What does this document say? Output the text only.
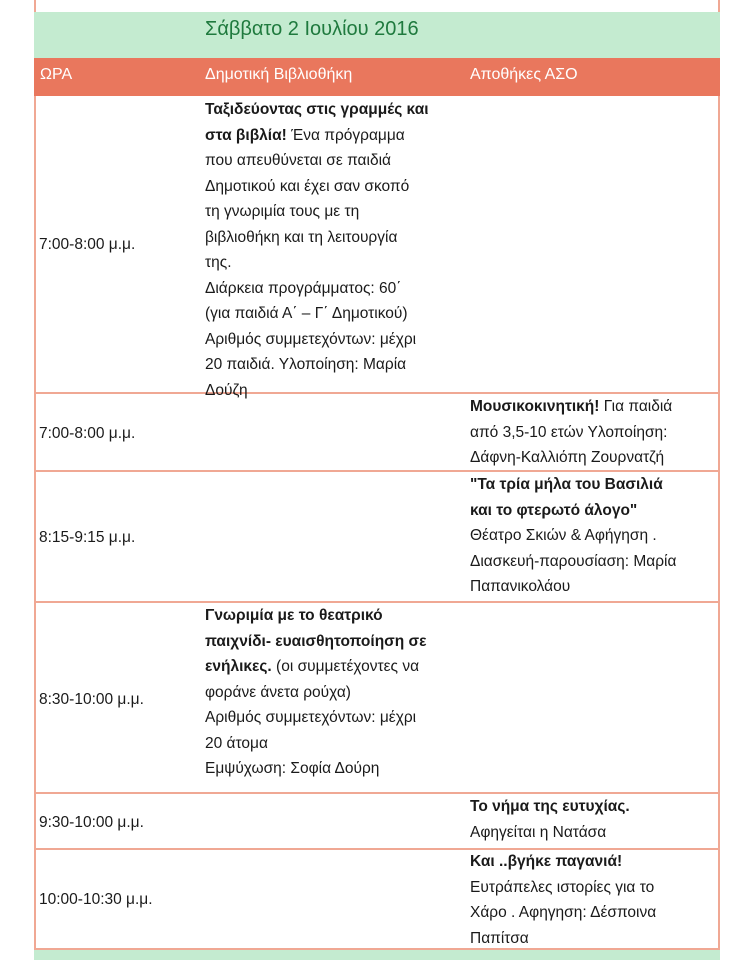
Σάββατο 2 Ιουλίου 2016
ΩΡΑ	Δημοτική Βιβλιοθήκη	Αποθήκες ΑΣΟ
7:00-8:00 μ.μ.
Ταξιδεύοντας στις γραμμές και
στα βιβλία! Ένα πρόγραμμα
που απευθύνεται σε παιδιά
Δημοτικού και έχει σαν σκοπό
τη γνωριμία τους με τη
βιβλιοθήκη και τη λειτουργία
της.
Διάρκεια προγράμματος: 60΄
(για παιδιά Α΄ – Γ΄ Δημοτικού)
Αριθμός συμμετεχόντων: μέχρι
20 παιδιά. Υλοποίηση: Μαρία
Δούζη
7:00-8:00 μ.μ.
Μουσικοκινητική! Για παιδιά
από 3,5-10 ετών Υλοποίηση:
Δάφνη-Καλλιόπη Ζουρνατζή
8:15-9:15 μ.μ.
"Τα τρία μήλα του Βασιλιά
και το φτερωτό άλογο"
Θέατρο Σκιών & Αφήγηση .
Διασκευή-παρουσίαση: Μαρία
Παπανικολάου
8:30-10:00 μ.μ.
Γνωριμία με το θεατρικό
παιχνίδι- ευαισθητοποίηση σε
ενήλικες. (οι συμμετέχοντες να
φοράνε άνετα ρούχα)
Αριθμός συμμετεχόντων: μέχρι
20 άτομα
Εμψύχωση: Σοφία Δούρη
9:30-10:00 μ.μ.
Το νήμα της ευτυχίας.
Αφηγείται η Νατάσα
10:00-10:30 μ.μ.
Και ..βγήκε παγανιά!
Ευτράπελες ιστορίες για το
Χάρο . Αφηγηση: Δέσποινα
Παπίτσα
